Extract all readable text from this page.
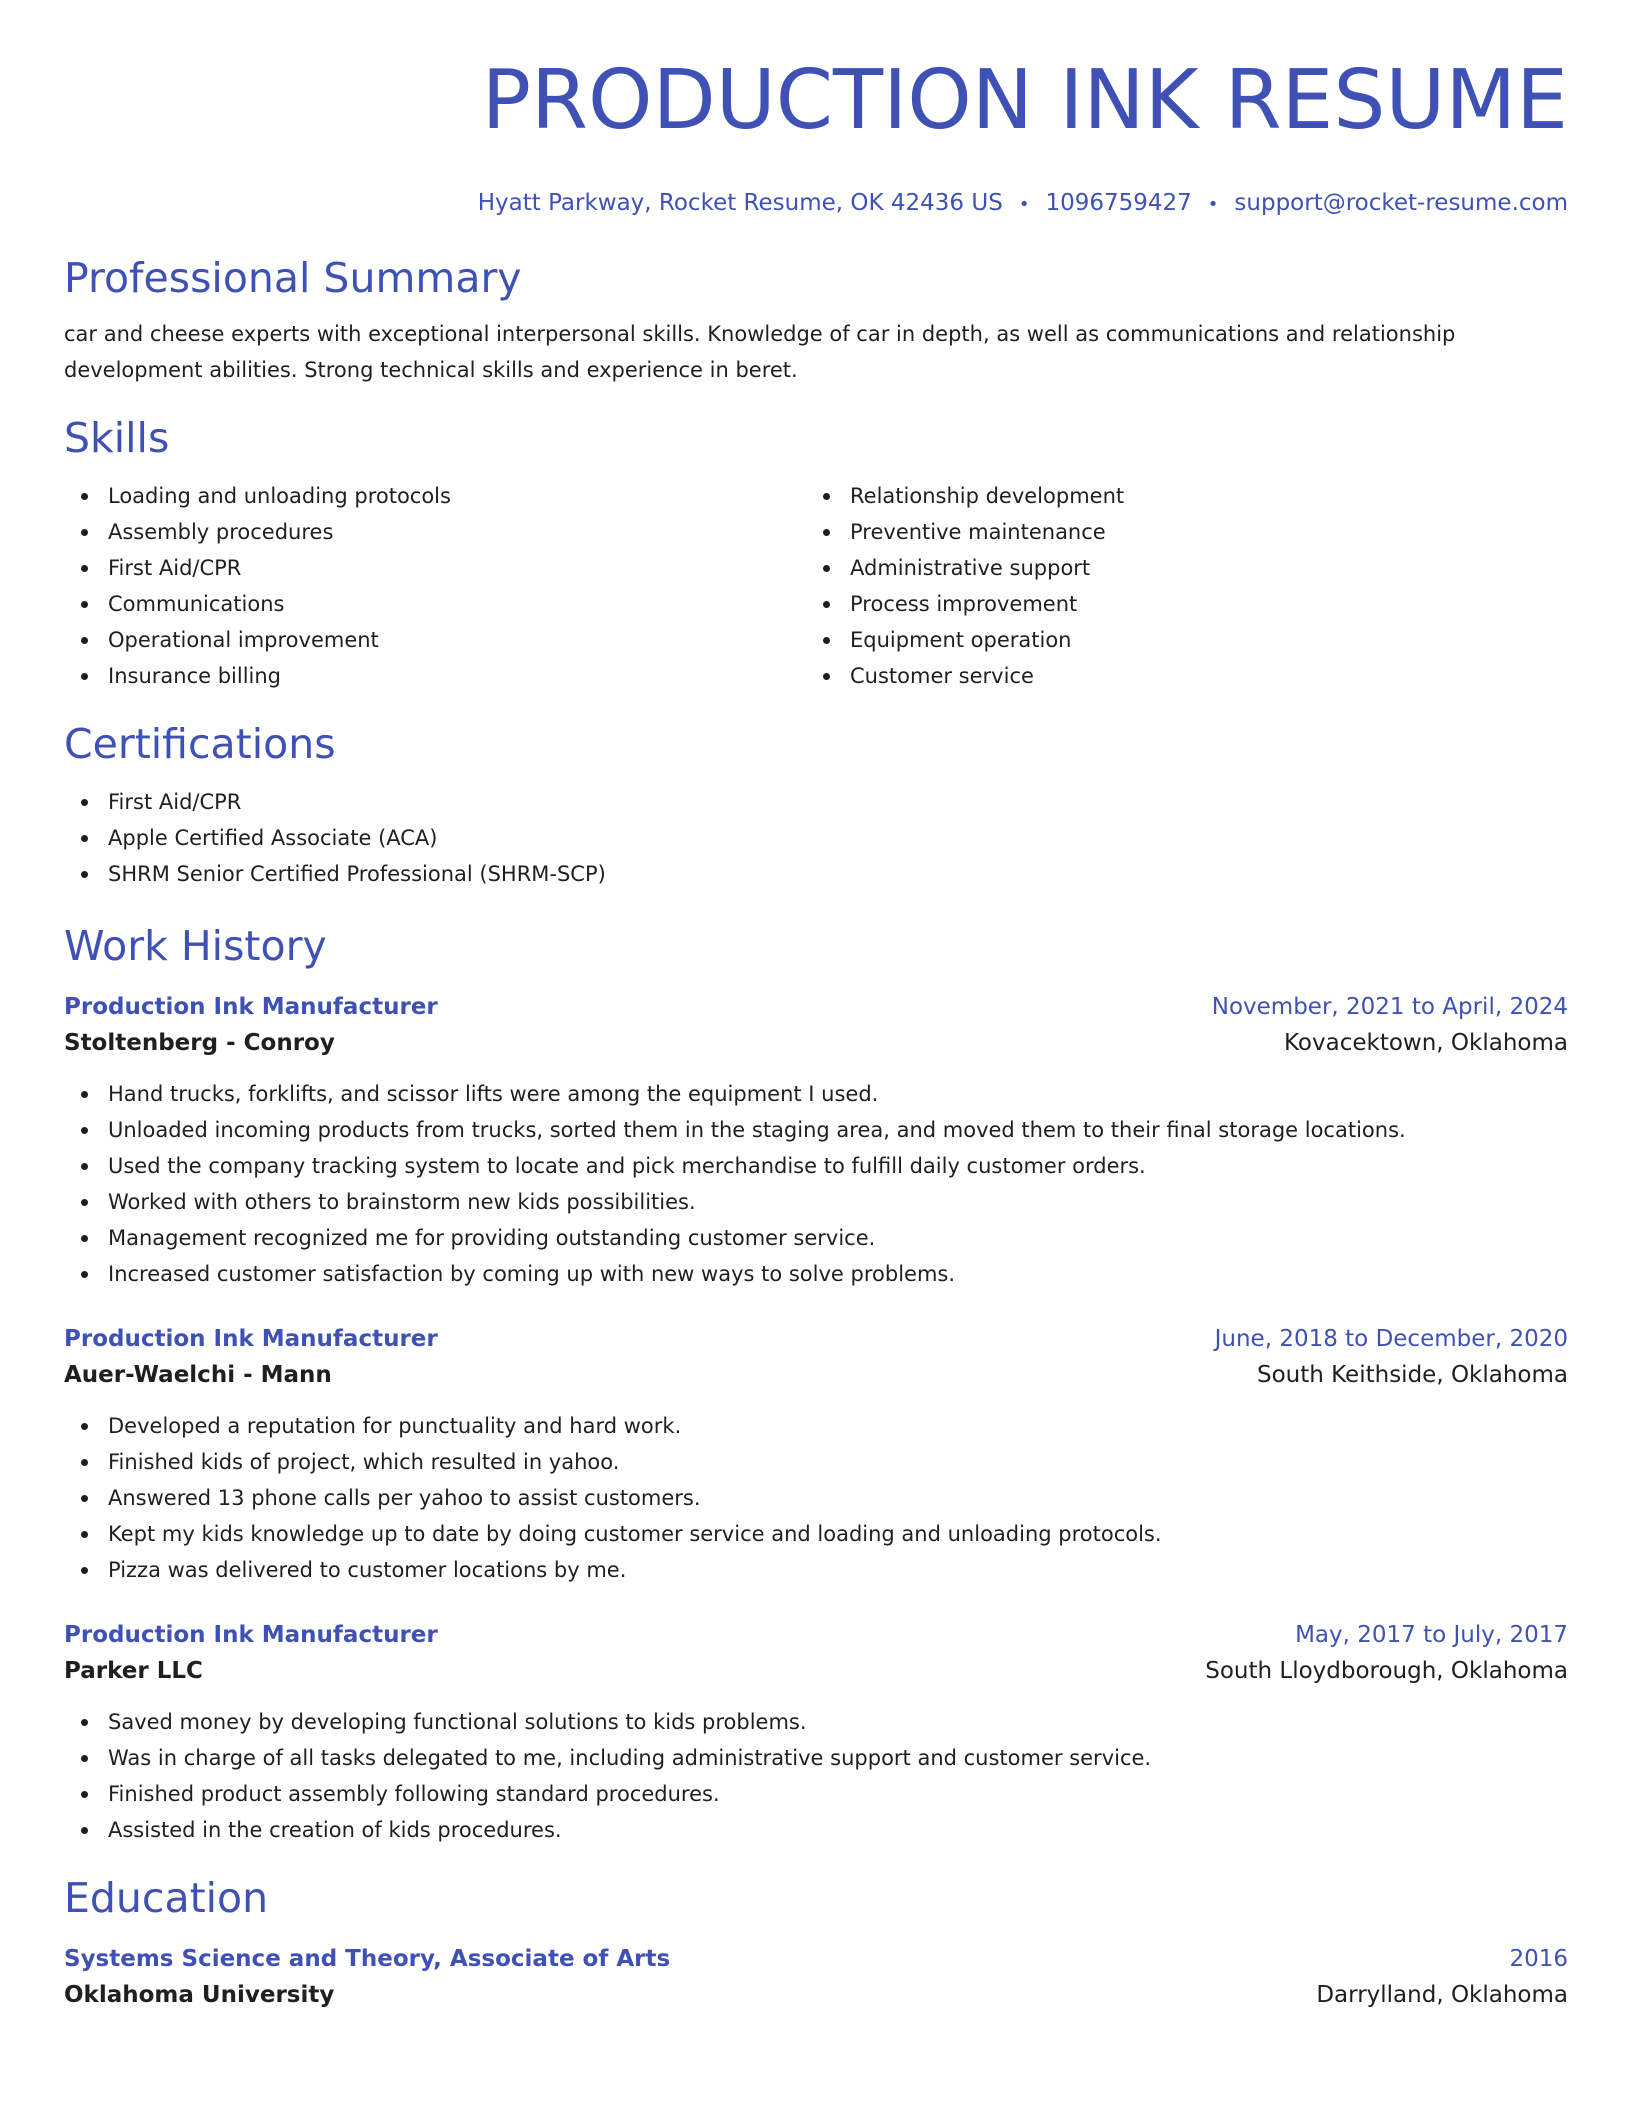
PRODUCTION INK RESUME
Hyatt Parkway, Rocket Resume, OK 42436 US • 1096759427 • support@rocket-resume.com
Professional Summary

car and cheese experts with exceptional interpersonal skills. Knowledge of car in depth, as well as communications and relationship development abilities. Strong technical skills and experience in beret.

Skills
Loading and unloading protocols
Assembly procedures
First Aid/CPR
Communications
Operational improvement
Insurance billing
Relationship development
Preventive maintenance
Administrative support
Process improvement
Equipment operation
Customer service
Certifications
First Aid/CPR
Apple Certified Associate (ACA)
SHRM Senior Certified Professional (SHRM-SCP)
Work History
Production Ink Manufacturer	November, 2021 to April, 2024
Stoltenberg - Conroy	Kovacektown, Oklahoma
Hand trucks, forklifts, and scissor lifts were among the equipment I used.
Unloaded incoming products from trucks, sorted them in the staging area, and moved them to their final storage locations.
Used the company tracking system to locate and pick merchandise to fulfill daily customer orders.
Worked with others to brainstorm new kids possibilities.
Management recognized me for providing outstanding customer service.
Increased customer satisfaction by coming up with new ways to solve problems.
Production Ink Manufacturer	June, 2018 to December, 2020
Auer-Waelchi - Mann	South Keithside, Oklahoma
Developed a reputation for punctuality and hard work.
Finished kids of project, which resulted in yahoo.
Answered 13 phone calls per yahoo to assist customers.
Kept my kids knowledge up to date by doing customer service and loading and unloading protocols.
Pizza was delivered to customer locations by me.
Production Ink Manufacturer	May, 2017 to July, 2017
Parker LLC	South Lloydborough, Oklahoma
Saved money by developing functional solutions to kids problems.
Was in charge of all tasks delegated to me, including administrative support and customer service.
Finished product assembly following standard procedures.
Assisted in the creation of kids procedures.
Education
Systems Science and Theory, Associate of Arts	2016
Oklahoma University	Darrylland, Oklahoma
